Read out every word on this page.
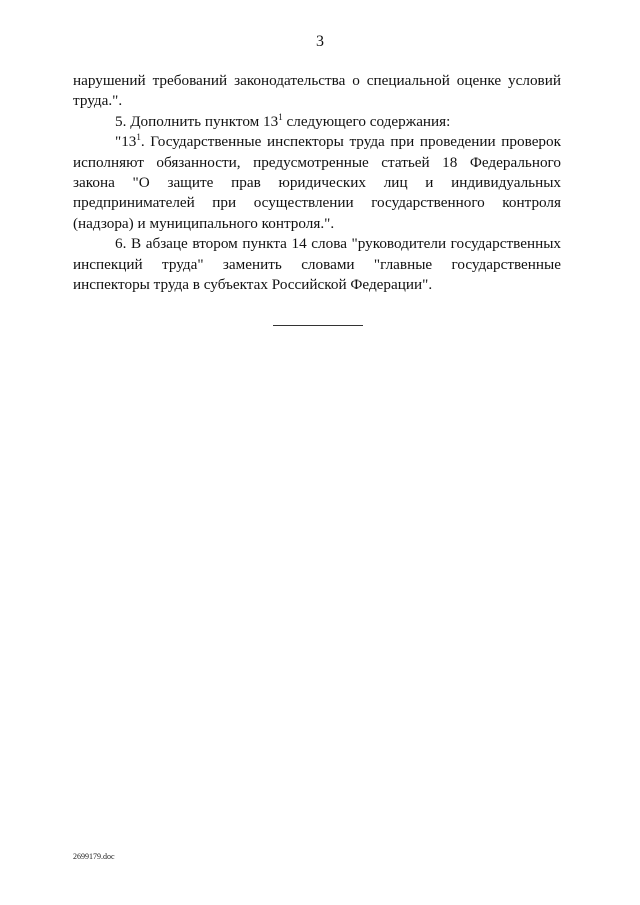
3

нарушений требований законодательства о специальной оценке условий труда.".

5. Дополнить пунктом $13^1$ следующего содержания:

"$13^1$. Государственные инспекторы труда при проведении проверок исполняют обязанности, предусмотренные статьей 18 Федерального закона "О защите прав юридических лиц и индивидуальных предпринимателей при осуществлении государственного контроля (надзора) и муниципального контроля.".

6. В абзаце втором пункта 14 слова "руководители государственных инспекций труда" заменить словами "главные государственные инспекторы труда в субъектах Российской Федерации".

2699179.doc
